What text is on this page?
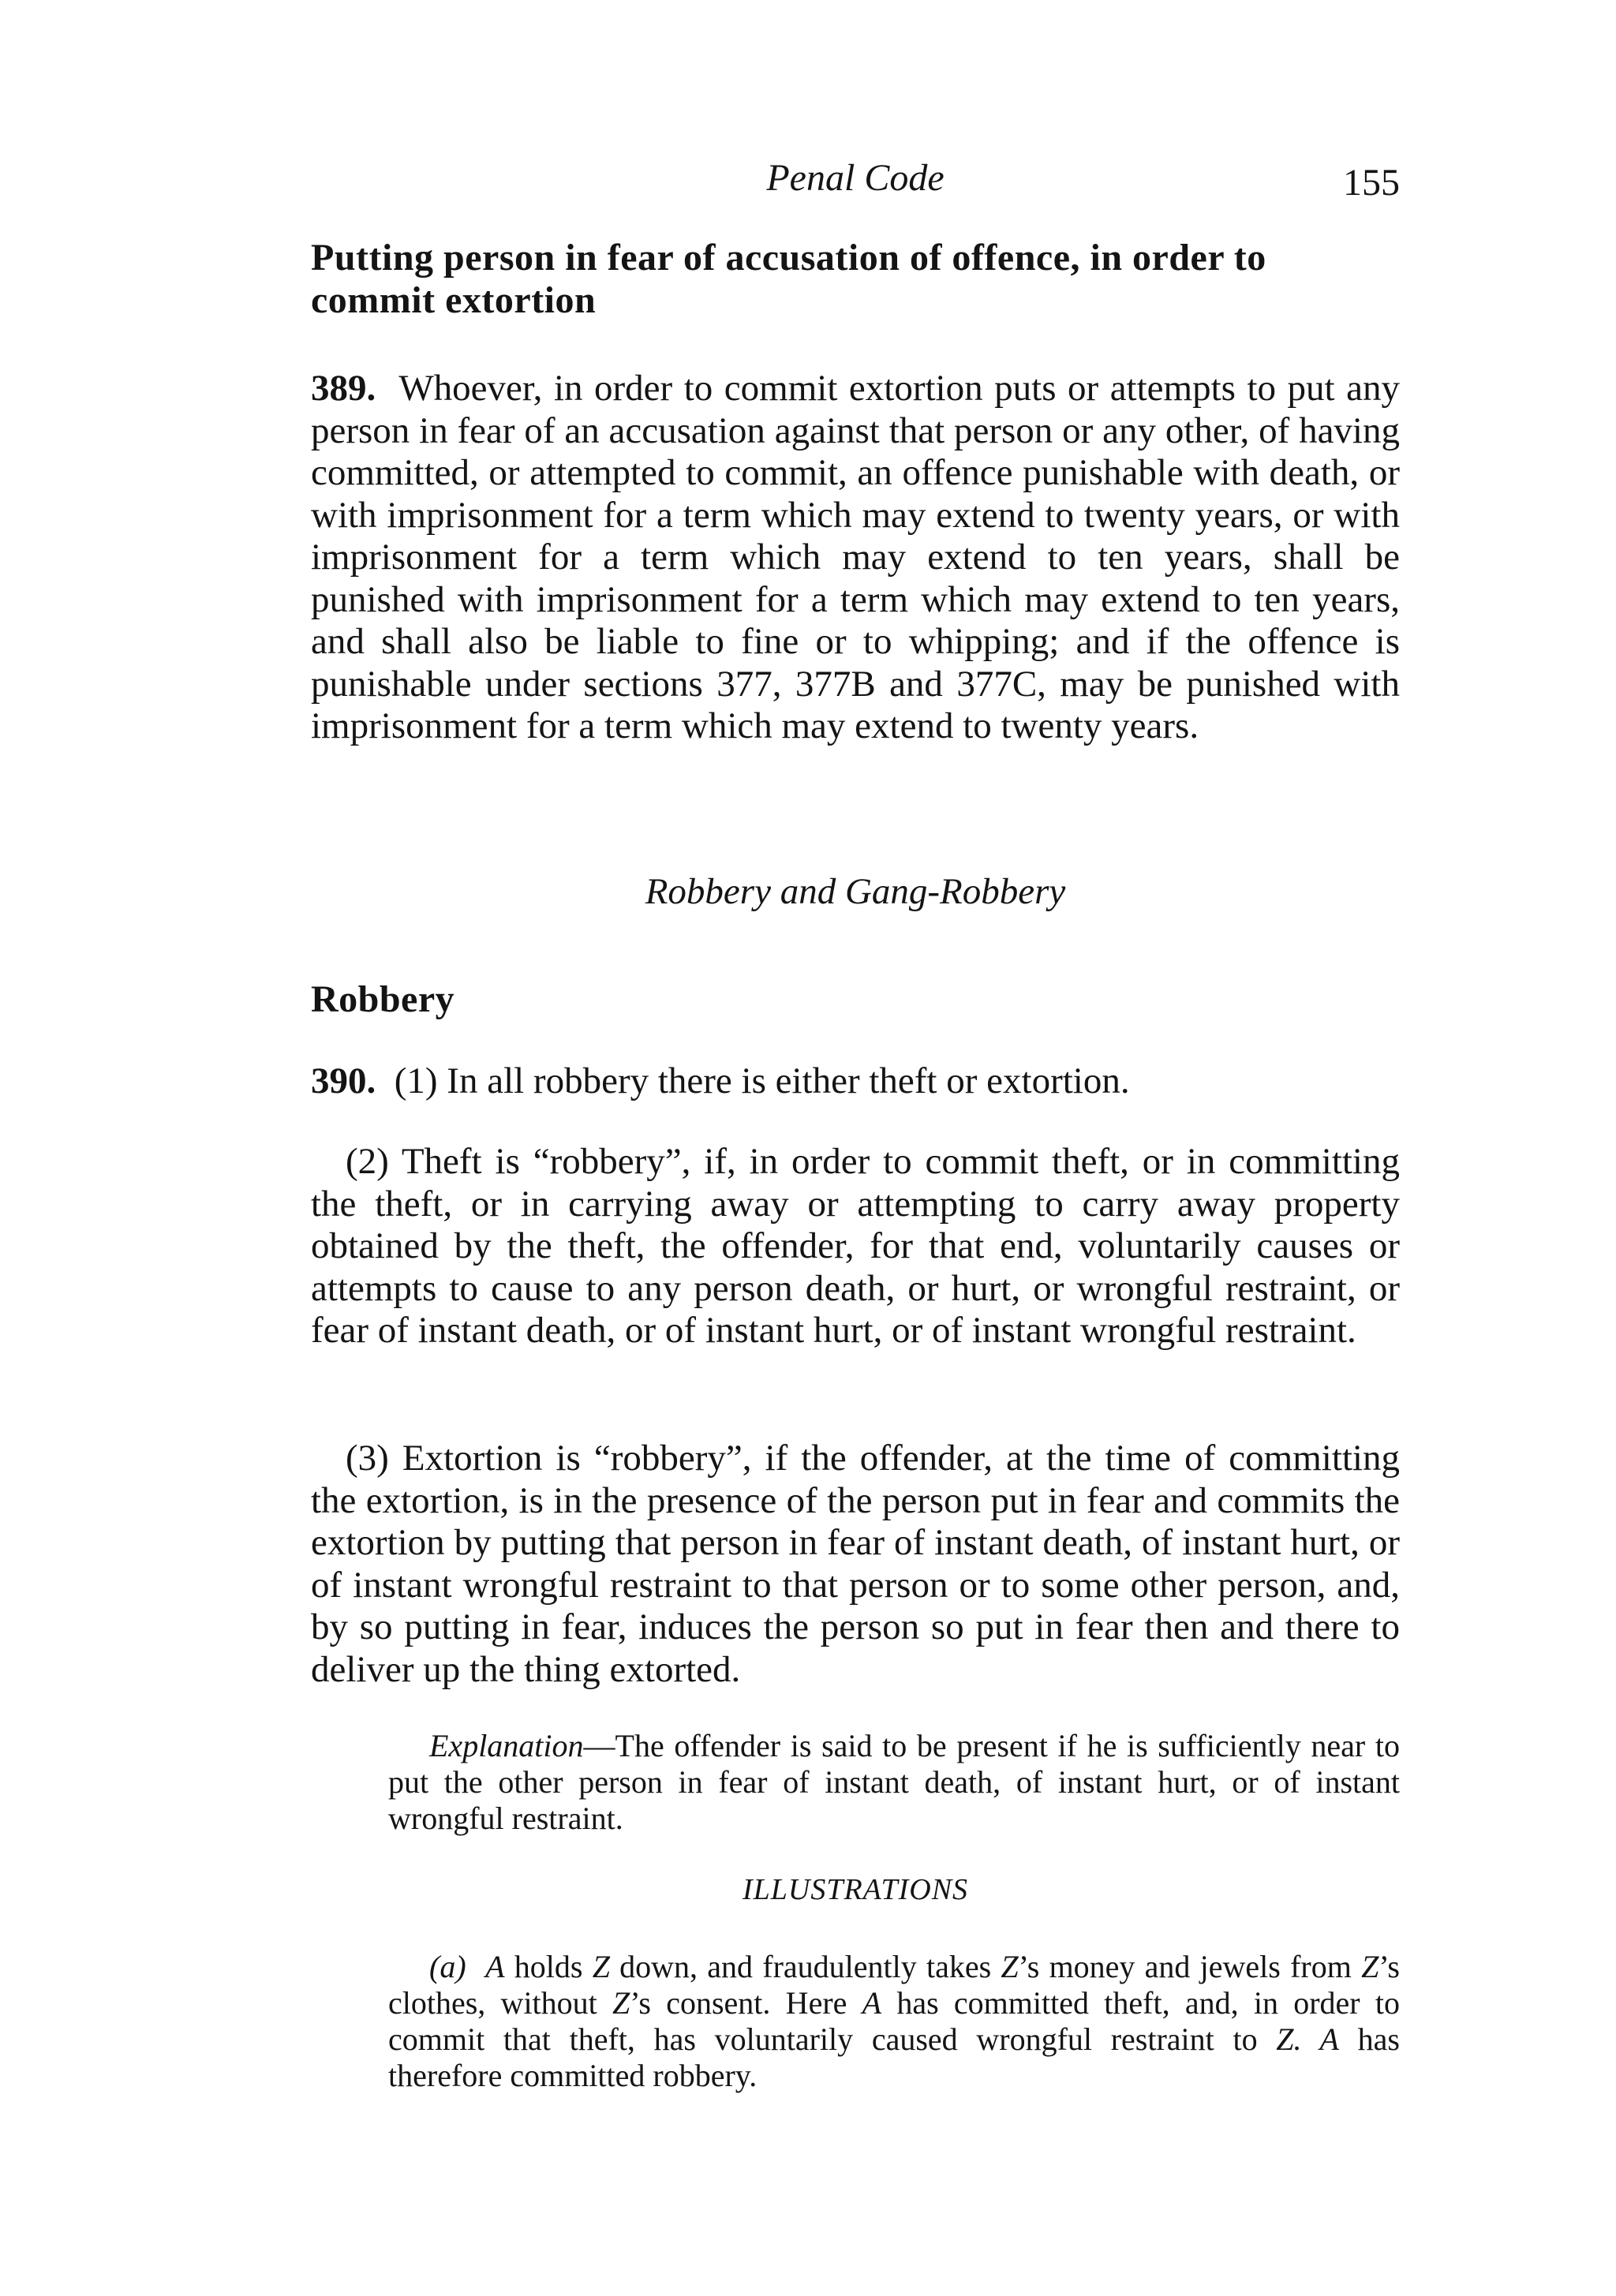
Penal Code	155
Putting person in fear of accusation of offence, in order to commit extortion

389. Whoever, in order to commit extortion puts or attempts to put any person in fear of an accusation against that person or any other, of having committed, or attempted to commit, an offence punishable with death, or with imprisonment for a term which may extend to twenty years, or with imprisonment for a term which may extend to ten years, shall be punished with imprisonment for a term which may extend to ten years, and shall also be liable to fine or to whipping; and if the offence is punishable under sections 377, 377B and 377C, may be punished with imprisonment for a term which may extend to twenty years.

Robbery and Gang-Robbery
Robbery

390. (1) In all robbery there is either theft or extortion.

(2) Theft is “robbery”, if, in order to commit theft, or in committing the theft, or in carrying away or attempting to carry away property obtained by the theft, the offender, for that end, voluntarily causes or attempts to cause to any person death, or hurt, or wrongful restraint, or fear of instant death, or of instant hurt, or of instant wrongful restraint.

(3) Extortion is “robbery”, if the offender, at the time of committing the extortion, is in the presence of the person put in fear and commits the extortion by putting that person in fear of instant death, of instant hurt, or of instant wrongful restraint to that person or to some other person, and, by so putting in fear, induces the person so put in fear then and there to deliver up the thing extorted.

Explanation—The offender is said to be present if he is sufficiently near to put the other person in fear of instant death, of instant hurt, or of instant wrongful restraint.

ILLUSTRATIONS

(a) A holds Z down, and fraudulently takes Z’s money and jewels from Z’s clothes, without Z’s consent. Here A has committed theft, and, in order to commit that theft, has voluntarily caused wrongful restraint to Z. A has therefore committed robbery.
